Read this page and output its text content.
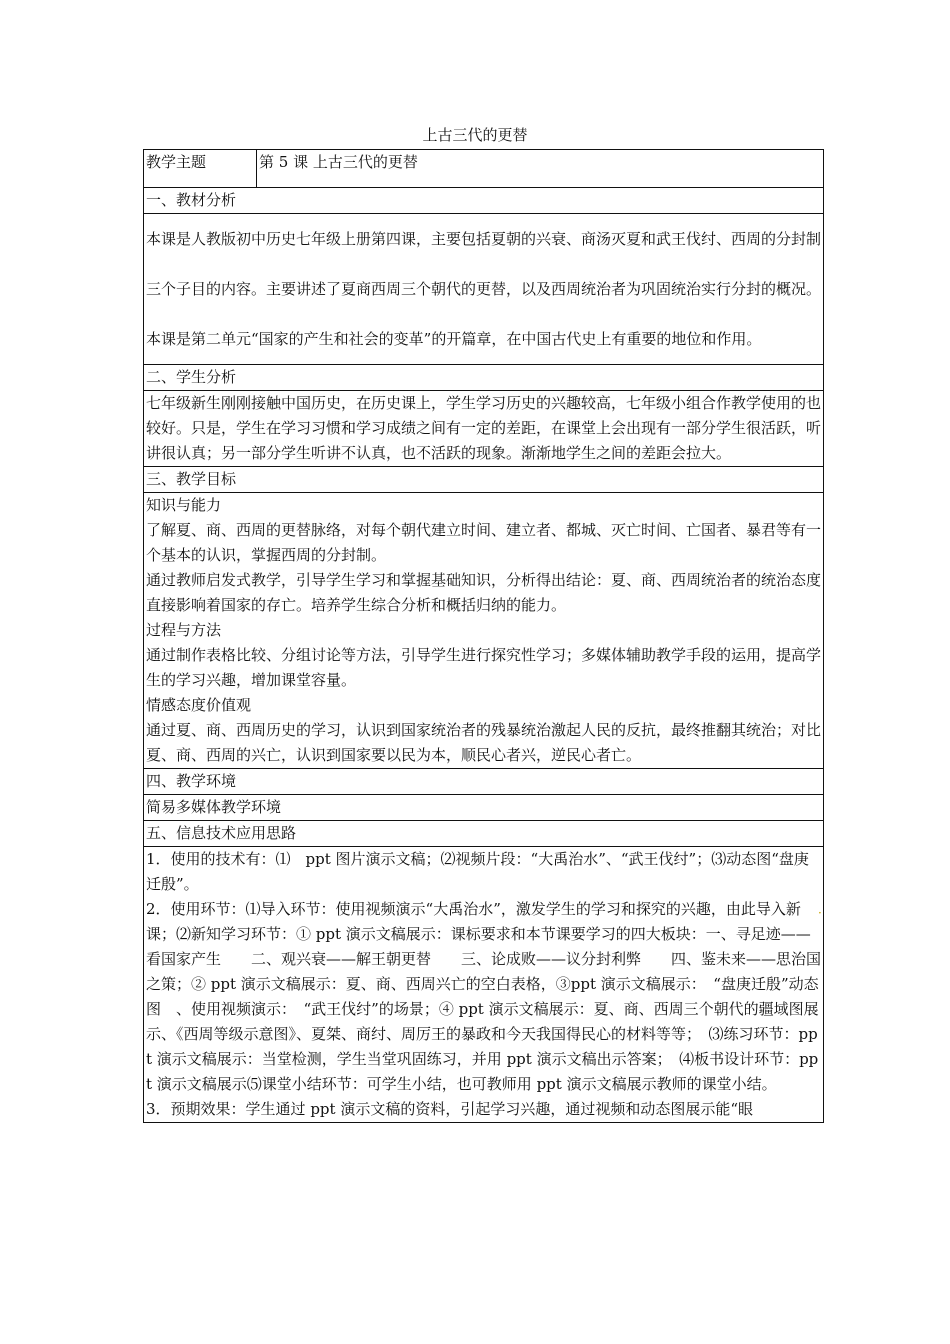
上古三代的更替
教学主题	第 5 课 上古三代的更替
一、教材分析

本课是人教版初中历史七年级上册第四课，主要包括夏朝的兴衰、商汤灭夏和武王伐纣、西周的分封制三个子目的内容。主要讲述了夏商西周三个朝代的更替，以及西周统治者为巩固统治实行分封的概况。本课是第二单元“国家的产生和社会的变革”的开篇章，在中国古代史上有重要的地位和作用。

二、学生分析

七年级新生刚刚接触中国历史，在历史课上，学生学习历史的兴趣较高，七年级小组合作教学使用的也较好。只是，学生在学习习惯和学习成绩之间有一定的差距，在课堂上会出现有一部分学生很活跃，听讲很认真；另一部分学生听讲不认真，也不活跃的现象。渐渐地学生之间的差距会拉大。

三、教学目标

知识与能力

了解夏、商、西周的更替脉络，对每个朝代建立时间、建立者、都城、灭亡时间、亡国者、暴君等有一个基本的认识，掌握西周的分封制。

通过教师启发式教学，引导学生学习和掌握基础知识，分析得出结论：夏、商、西周统治者的统治态度直接影响着国家的存亡。培养学生综合分析和概括归纳的能力。

过程与方法

通过制作表格比较、分组讨论等方法，引导学生进行探究性学习；多媒体辅助教学手段的运用，提高学生的学习兴趣，增加课堂容量。

情感态度价值观

通过夏、商、西周历史的学习，认识到国家统治者的残暴统治激起人民的反抗，最终推翻其统治；对比夏、商、西周的兴亡，认识到国家要以民为本，顺民心者兴，逆民心者亡。

四、教学环境
简易多媒体教学环境
五、信息技术应用思路

1．使用的技术有：⑴　ppt 图片演示文稿；⑵视频片段：“大禹治水”、“武王伐纣”；⑶动态图“盘庚迁殷”。

2．使用环节：⑴导入环节：使用视频演示“大禹治水”，激发学生的学习和探究的兴趣，由此导入新课；⑵新知学习环节：① ppt 演示文稿展示：课标要求和本节课要学习的四大板块：一、寻足迹——看国家产生　　二、观兴衰——解王朝更替　　三、论成败——议分封利弊　　四、鉴未来——思治国之策；② ppt 演示文稿展示：夏、商、西周兴亡的空白表格，③ppt 演示文稿展示：　“盘庚迁殷”动态图　、使用视频演示：　“武王伐纣”的场景；④ ppt 演示文稿展示：夏、商、西周三个朝代的疆域图展示、《西周等级示意图》、夏桀、商纣、周厉王的暴政和今天我国得民心的材料等等；　⑶练习环节：ppt 演示文稿展示：当堂检测，学生当堂巩固练习，并用 ppt 演示文稿出示答案；　⑷板书设计环节：ppt 演示文稿展示⑸课堂小结环节：可学生小结，也可教师用 ppt 演示文稿展示教师的课堂小结。

3．预期效果：学生通过 ppt 演示文稿的资料，引起学习兴趣，通过视频和动态图展示能“眼

·
